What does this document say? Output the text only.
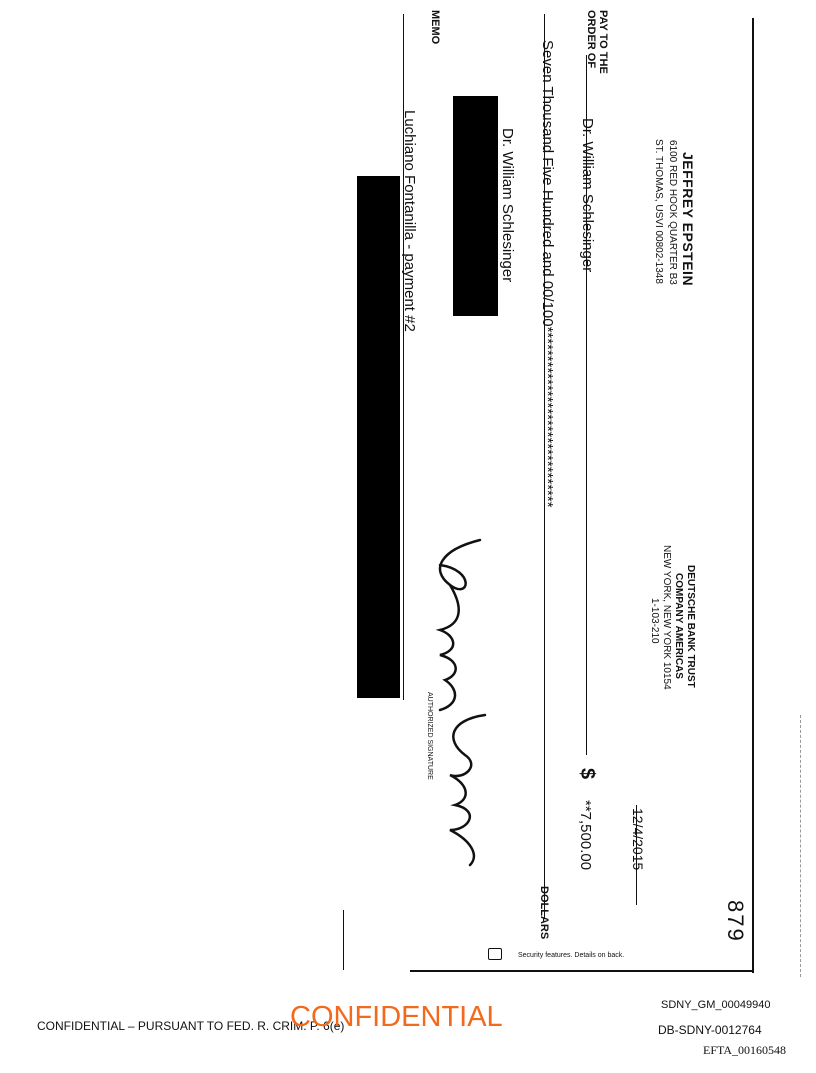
JEFFREY EPSTEIN
6100 RED HOOK QUARTER B3
ST. THOMAS, USVI 00802-1348
DEUTSCHE BANK TRUST
COMPANY AMERICAS
NEW YORK, NEW YORK 10154
1-103-210
879
12/4/2015
PAY TO THE
ORDER OF
Dr. William Schlesinger
$
**7,500.00
Seven Thousand Five Hundred and 00/100*******************************
DOLLARS
Dr. William Schlesinger
MEMO
Luchiano Fontanilla - payment #2
AUTHORIZED SIGNATURE
Security features. Details on back.
CONFIDENTIAL – PURSUANT TO FED. R. CRIM. P. 6(e)
CONFIDENTIAL	SDNY_GM_00049940
DB-SDNY-0012764
EFTA_00160548
